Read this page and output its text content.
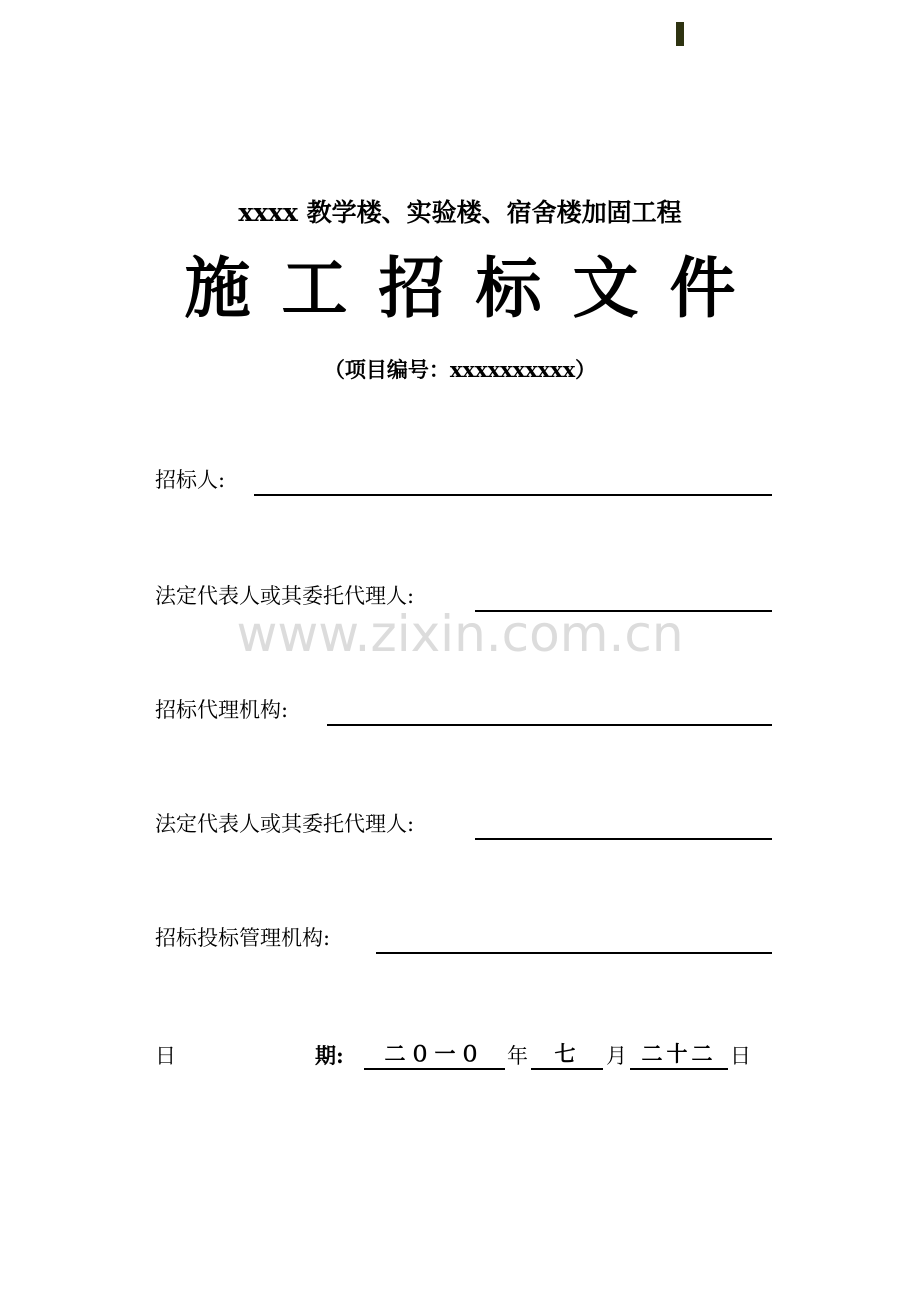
xxxx 教学楼、实验楼、宿舍楼加固工程
施工招标文件
（项目编号：xxxxxxxxxx）
招标人:
法定代表人或其委托代理人:
www.zixin.com.cn
招标代理机构:
法定代表人或其委托代理人:
招标投标管理机构:
日	期:	二０一０	年	七	月 二十二 日
